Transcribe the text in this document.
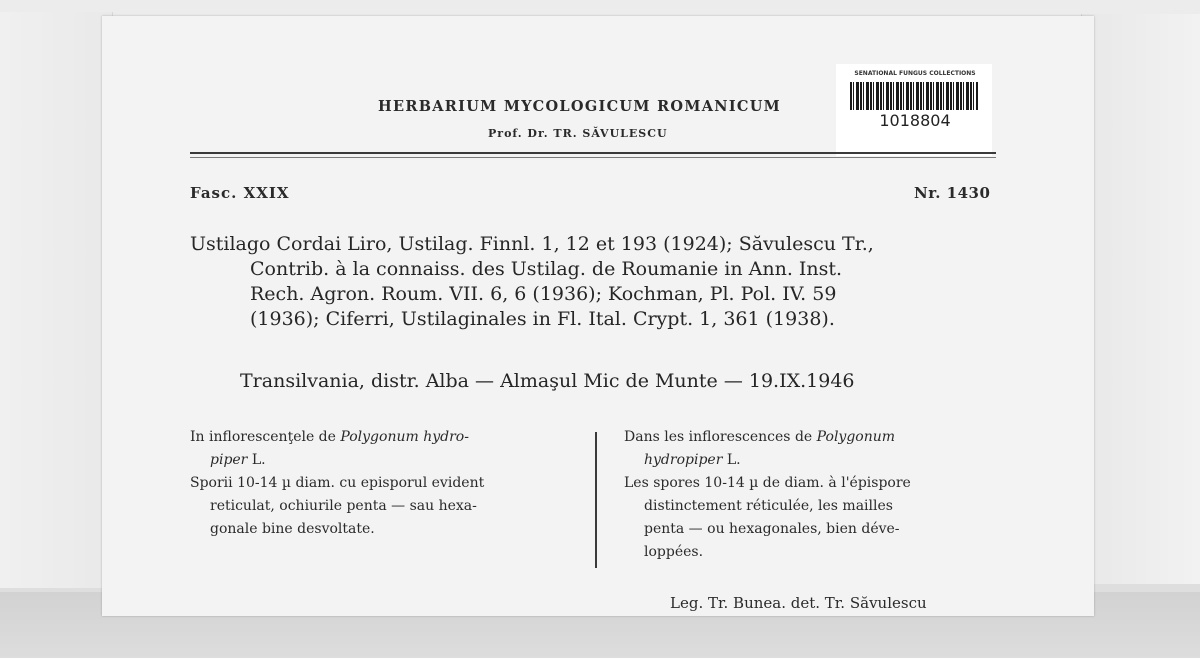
HERBARIUM MYCOLOGICUM ROMANICUM
Prof. Dr. TR. SĂVULESCU
SENATIONAL FUNGUS COLLECTIONS
1018804
Fasc. XXIX	Nr. 1430
Ustilago Cordai Liro, Ustilag. Finnl. 1, 12 et 193 (1924); Săvulescu Tr.,
Contrib. à la connaiss. des Ustilag. de Roumanie in Ann. Inst.
Rech. Agron. Roum. VII. 6, 6 (1936); Kochman, Pl. Pol. IV. 59
(1936); Ciferri, Ustilaginales in Fl. Ital. Crypt. 1, 361 (1938).
Transilvania, distr. Alba — Almaşul Mic de Munte — 19.IX.1946
In inflorescenţele de Polygonum hydro-
piper L.
Sporii 10-14 µ diam. cu episporul evident
reticulat, ochiurile penta — sau hexa-
gonale bine desvoltate.
Dans les inflorescences de Polygonum
hydropiper L.
Les spores 10-14 µ de diam. à l'épispore
distinctement réticulée, les mailles
penta — ou hexagonales, bien déve-
loppées.
Leg. Tr. Bunea. det. Tr. Săvulescu
